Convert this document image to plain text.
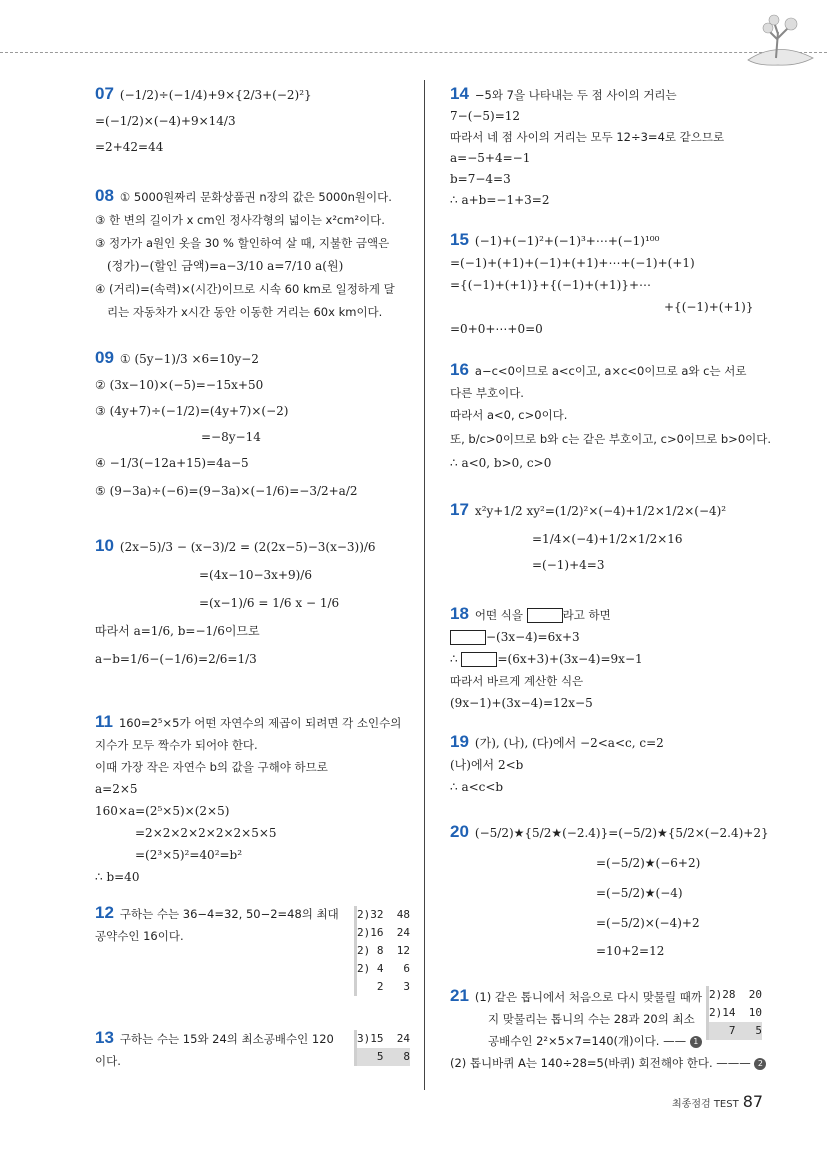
07 (−1/2)÷(−1/4)+9×{2/3+(−2)²}
=(−1/2)×(−4)+9×14/3
=2+42=44
08 ① 5000원짜리 문화상품권 n장의 값은 5000n원이다.
③ 한 변의 길이가 x cm인 정사각형의 넓이는 x²cm²이다.
③ 정가가 a원인 옷을 30 % 할인하여 살 때, 지불한 금액은
(정가)−(할인 금액)=a−3/10 a=7/10 a(원)
④ (거리)=(속력)×(시간)이므로 시속 60 km로 일정하게 달
리는 자동차가 x시간 동안 이동한 거리는 60x km이다.
09 ① (5y−1)/3 ×6=10y−2
② (3x−10)×(−5)=−15x+50
③ (4y+7)÷(−1/2)=(4y+7)×(−2)
=−8y−14
④ −1/3(−12a+15)=4a−5
⑤ (9−3a)÷(−6)=(9−3a)×(−1/6)=−3/2+a/2
10 (2x−5)/3 − (x−3)/2 = (2(2x−5)−3(x−3))/6
=(4x−10−3x+9)/6
=(x−1)/6 = 1/6 x − 1/6
따라서 a=1/6, b=−1/6이므로
a−b=1/6−(−1/6)=2/6=1/3
11 160=2⁵×5가 어떤 자연수의 제곱이 되려면 각 소인수의
지수가 모두 짝수가 되어야 한다.
이때 가장 작은 자연수 b의 값을 구해야 하므로
a=2×5
160×a=(2⁵×5)×(2×5)
=2×2×2×2×2×2×5×5
=(2³×5)²=40²=b²
∴ b=40
12 구하는 수는 36−4=32, 50−2=48의 최대
공약수인 16이다.
2)32  48
2)16  24
2) 8  12
2) 4   6
2   3
13 구하는 수는 15와 24의 최소공배수인 120
이다.
3)15  24
5   8
14 −5와 7을 나타내는 두 점 사이의 거리는
7−(−5)=12
따라서 네 점 사이의 거리는 모두 12÷3=4로 같으므로
a=−5+4=−1
b=7−4=3
∴ a+b=−1+3=2
15 (−1)+(−1)²+(−1)³+⋯+(−1)¹⁰⁰
=(−1)+(+1)+(−1)+(+1)+⋯+(−1)+(+1)
={(−1)+(+1)}+{(−1)+(+1)}+⋯
+{(−1)+(+1)}
=0+0+⋯+0=0
16 a−c<0이므로 a<c이고, a×c<0이므로 a와 c는 서로
다른 부호이다.
따라서 a<0, c>0이다.
또, b/c>0이므로 b와 c는 같은 부호이고, c>0이므로 b>0이다.
∴ a<0, b>0, c>0
17 x²y+1/2 xy²=(1/2)²×(−4)+1/2×1/2×(−4)²
=1/4×(−4)+1/2×1/2×16
=(−1)+4=3
18 어떤 식을	라고 하면
−(3x−4)=6x+3
∴	=(6x+3)+(3x−4)=9x−1
따라서 바르게 계산한 식은
(9x−1)+(3x−4)=12x−5
19 (가), (나), (다)에서 −2<a<c, c=2
(나)에서 2<b
∴ a<c<b
20 (−5/2)★{5/2★(−2.4)}=(−5/2)★{5/2×(−2.4)+2}
=(−5/2)★(−6+2)
=(−5/2)★(−4)
=(−5/2)×(−4)+2
=10+2=12
21 (1) 같은 톱니에서 처음으로 다시 맞물릴 때까
지 맞물리는 톱니의 수는 28과 20의 최소
공배수인 2²×5×7=140(개)이다. —— 1
(2) 톱니바퀴 A는 140÷28=5(바퀴) 회전해야 한다. ——— 2
2)28  20
2)14  10
7   5
최종점검 TEST 87
